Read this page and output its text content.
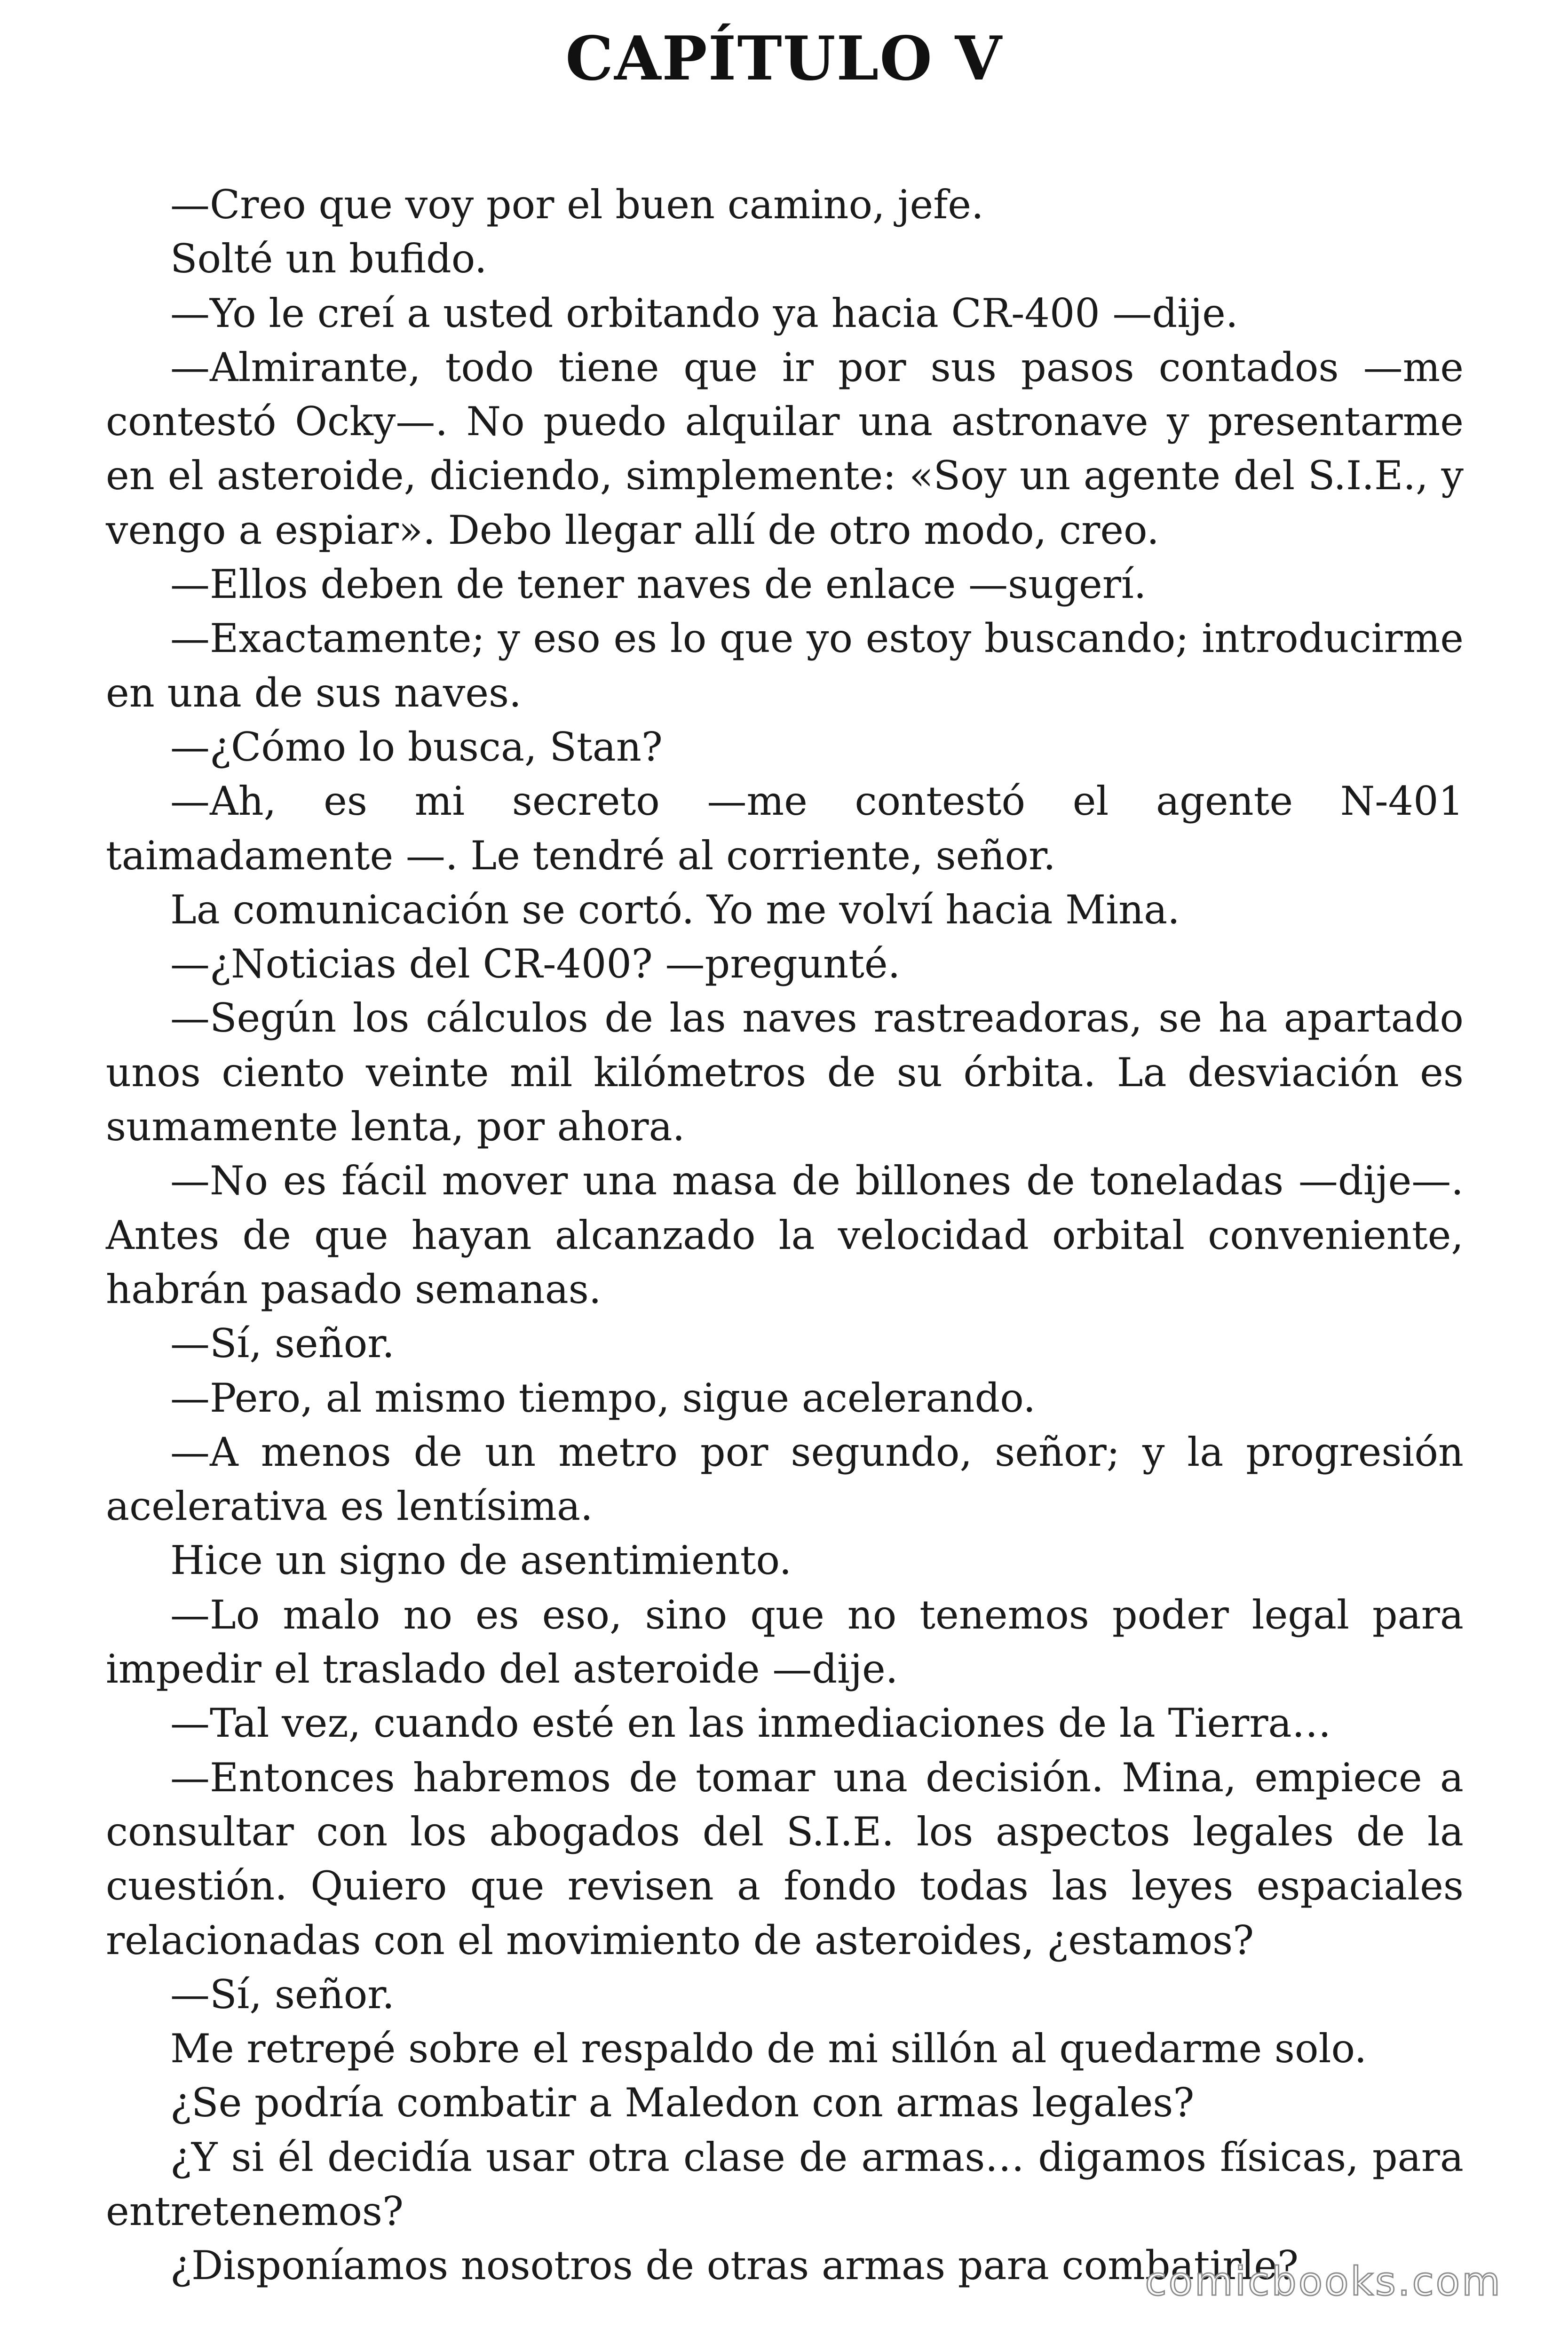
CAPÍTULO V

—Creo que voy por el buen camino, jefe.

Solté un bufido.

—Yo le creí a usted orbitando ya hacia CR-400 —dije.

—Almirante, todo tiene que ir por sus pasos contados —me contestó Ocky—. No puedo alquilar una astronave y presentarme en el asteroide, diciendo, simplemente: «Soy un agente del S.I.E., y vengo a espiar». Debo llegar allí de otro modo, creo.

—Ellos deben de tener naves de enlace —sugerí.

—Exactamente; y eso es lo que yo estoy buscando; introducirme en una de sus naves.

—¿Cómo lo busca, Stan?

—Ah, es mi secreto —me contestó el agente N-401 taimadamente —. Le tendré al corriente, señor.

La comunicación se cortó. Yo me volví hacia Mina.

—¿Noticias del CR-400? —pregunté.

—Según los cálculos de las naves rastreadoras, se ha apartado unos ciento veinte mil kilómetros de su órbita. La desviación es sumamente lenta, por ahora.

—No es fácil mover una masa de billones de toneladas —dije—. Antes de que hayan alcanzado la velocidad orbital conveniente, habrán pasado semanas.

—Sí, señor.

—Pero, al mismo tiempo, sigue acelerando.

—A menos de un metro por segundo, señor; y la progresión acelerativa es lentísima.

Hice un signo de asentimiento.

—Lo malo no es eso, sino que no tenemos poder legal para impedir el traslado del asteroide —dije.

—Tal vez, cuando esté en las inmediaciones de la Tierra…

—Entonces habremos de tomar una decisión. Mina, empiece a consultar con los abogados del S.I.E. los aspectos legales de la cuestión. Quiero que revisen a fondo todas las leyes espaciales relacionadas con el movimiento de asteroides, ¿estamos?

—Sí, señor.

Me retrepé sobre el respaldo de mi sillón al quedarme solo.

¿Se podría combatir a Maledon con armas legales?

¿Y si él decidía usar otra clase de armas… digamos físicas, para entretenemos?

¿Disponíamos nosotros de otras armas para combatirle?

comicbooks.com
